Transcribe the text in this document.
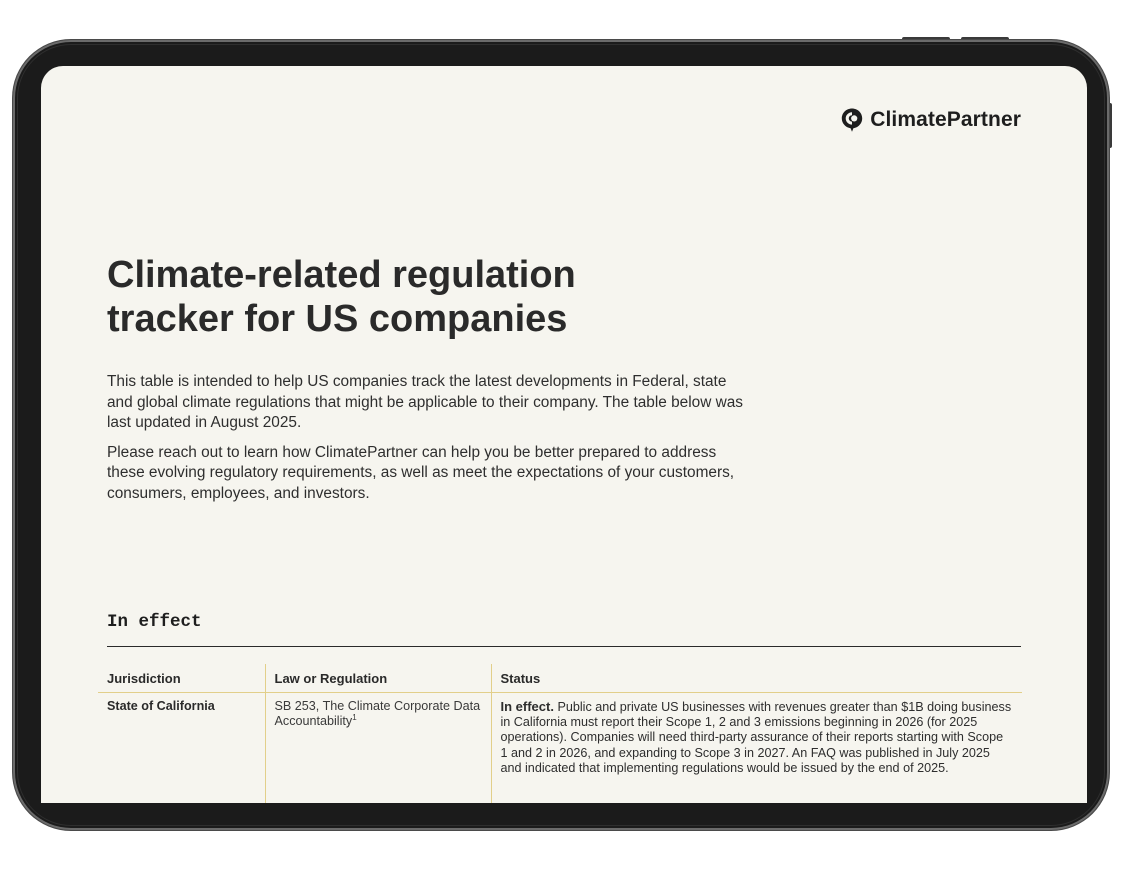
ClimatePartner
Climate-related regulation
tracker for US companies

This table is intended to help US companies track the latest developments in Federal, state and global climate regulations that might be applicable to their company. The table below was last updated in August 2025.

Please reach out to learn how ClimatePartner can help you be better prepared to address these evolving regulatory requirements, as well as meet the expectations of your customers, consumers, employees, and investors.

In effect
Jurisdiction	Law or Regulation	Status
State of California	SB 253, The Climate Corporate Data Accountability$^1$	In effect. Public and private US businesses with revenues greater than $1B doing business in California must report their Scope 1, 2 and 3 emissions beginning in 2026 (for 2025 operations). Companies will need third-party assurance of their reports starting with Scope 1 and 2 in 2026, and expanding to Scope 3 in 2027. An FAQ was published in July 2025 and indicated that implementing regulations would be issued by the end of 2025.
